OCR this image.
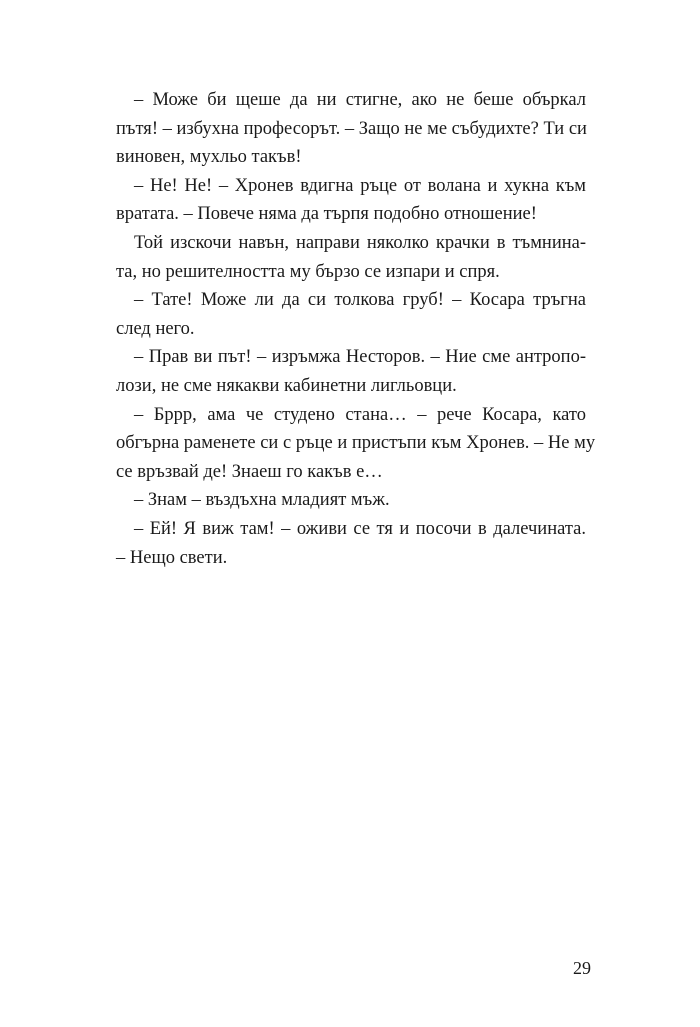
– Може би щеше да ни стигне, ако не беше объркал
пътя! – избухна професорът. – Защо не ме събудихте? Ти си
виновен, мухльо такъв!
– Не! Не! – Хронев вдигна ръце от волана и хукна към
вратата. – Повече няма да търпя подобно отношение!
Той изскочи навън, направи няколко крачки в тъмнина-
та, но решителността му бързо се изпари и спря.
– Тате! Може ли да си толкова груб! – Косара тръгна
след него.
– Прав ви път! – изръмжа Несторов. – Ние сме антропо-
лози, не сме някакви кабинетни лигльовци.
– Бррр, ама че студено стана… – рече Косара, като
обгърна раменете си с ръце и пристъпи към Хронев. – Не му
се връзвай де! Знаеш го какъв е…
– Знам – въздъхна младият мъж.
– Ей! Я виж там! – оживи се тя и посочи в далечината.
– Нещо свети.
29
